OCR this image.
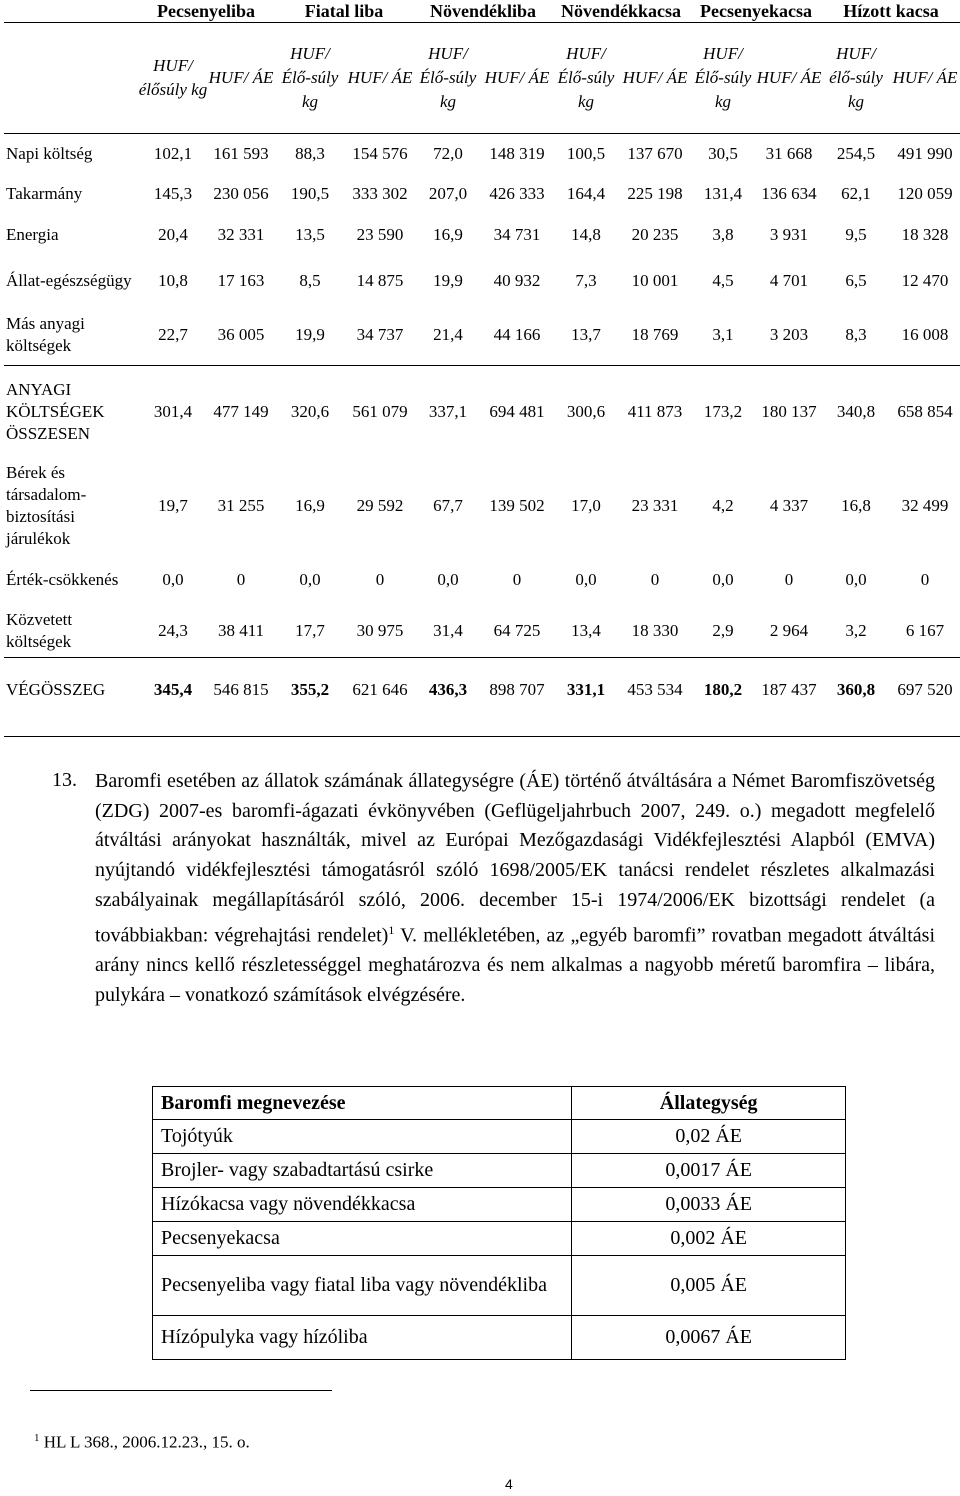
	Pecsenyeliba		Fiatal liba		Növendékliba		Növendékkacsa		Pecsenyekacsa		Hízott kacsa	
	HUF/ élősúly kg	HUF/ ÁE	HUF/ Élő-súly kg	HUF/ ÁE	HUF/ Élő-súly kg	HUF/ ÁE	HUF/ Élő-súly kg	HUF/ ÁE	HUF/ Élő-súly kg	HUF/ ÁE	HUF/ élő-súly kg	HUF/ ÁE
Napi költség	102,1	161 593	88,3	154 576	72,0	148 319	100,5	137 670	30,5	31 668	254,5	491 990
Takarmány	145,3	230 056	190,5	333 302	207,0	426 333	164,4	225 198	131,4	136 634	62,1	120 059
Energia	20,4	32 331	13,5	23 590	16,9	34 731	14,8	20 235	3,8	3 931	9,5	18 328
Állat-egészségügy	10,8	17 163	8,5	14 875	19,9	40 932	7,3	10 001	4,5	4 701	6,5	12 470
Más anyagi költségek	22,7	36 005	19,9	34 737	21,4	44 166	13,7	18 769	3,1	3 203	8,3	16 008
ANYAGI KÖLTSÉGEK ÖSSZESEN	301,4	477 149	320,6	561 079	337,1	694 481	300,6	411 873	173,2	180 137	340,8	658 854
Bérek és társadalom-biztosítási járulékok	19,7	31 255	16,9	29 592	67,7	139 502	17,0	23 331	4,2	4 337	16,8	32 499
Érték-csökkenés	0,0	0	0,0	0	0,0	0	0,0	0	0,0	0	0,0	0
Közvetett költségek	24,3	38 411	17,7	30 975	31,4	64 725	13,4	18 330	2,9	2 964	3,2	6 167
VÉGÖSSZEG	345,4	546 815	355,2	621 646	436,3	898 707	331,1	453 534	180,2	187 437	360,8	697 520
13. Baromfi esetében az állatok számának állategységre (ÁE) történő átváltására a Német Baromfiszövetség (ZDG) 2007-es baromfi-ágazati évkönyvében (Geflügeljahrbuch 2007, 249. o.) megadott megfelelő átváltási arányokat használták, mivel az Európai Mezőgazdasági Vidékfejlesztési Alapból (EMVA) nyújtandó vidékfejlesztési támogatásról szóló 1698/2005/EK tanácsi rendelet részletes alkalmazási szabályainak megállapításáról szóló, 2006. december 15-i 1974/2006/EK bizottsági rendelet (a továbbiakban: végrehajtási rendelet)$^1$ V. mellékletében, az „egyéb baromfi” rovatban megadott átváltási arány nincs kellő részletességgel meghatározva és nem alkalmas a nagyobb méretű baromfira – libára, pulykára – vonatkozó számítások elvégzésére.
Baromfi megnevezése	Állategység
Tojótyúk	0,02 ÁE
Brojler- vagy szabadtartású csirke	0,0017 ÁE
Hízókacsa vagy növendékkacsa	0,0033 ÁE
Pecsenyekacsa	0,002 ÁE
Pecsenyeliba vagy fiatal liba vagy növendékliba	0,005 ÁE
Hízópulyka vagy hízóliba	0,0067 ÁE
$^1$ HL L 368., 2006.12.23., 15. o.
4
